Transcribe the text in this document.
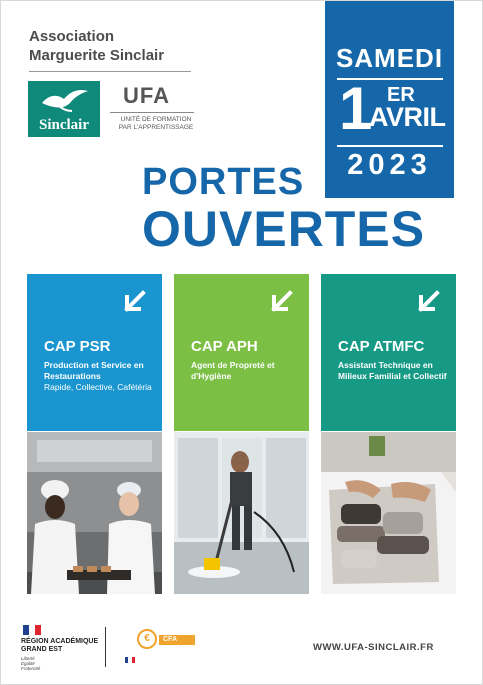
Association
Marguerite Sinclair
Sinclair
UFA
UNITÉ DE FORMATION
PAR L'APPRENTISSAGE
SAMEDI
1 ER
AVRIL
2023
PORTES
OUVERTES
CAP PSR
Production et Service en Restaurations
Rapide, Collective, Cafétéria
CAP APH
Agent de Propreté et d'Hygiène
CAP ATMFC
Assistant Technique en Milieux Familial et Collectif
RÉGION ACADÉMIQUE
GRAND EST
Liberté
Égalité
Fraternité
€	CFA
WWW.UFA-SINCLAIR.FR
